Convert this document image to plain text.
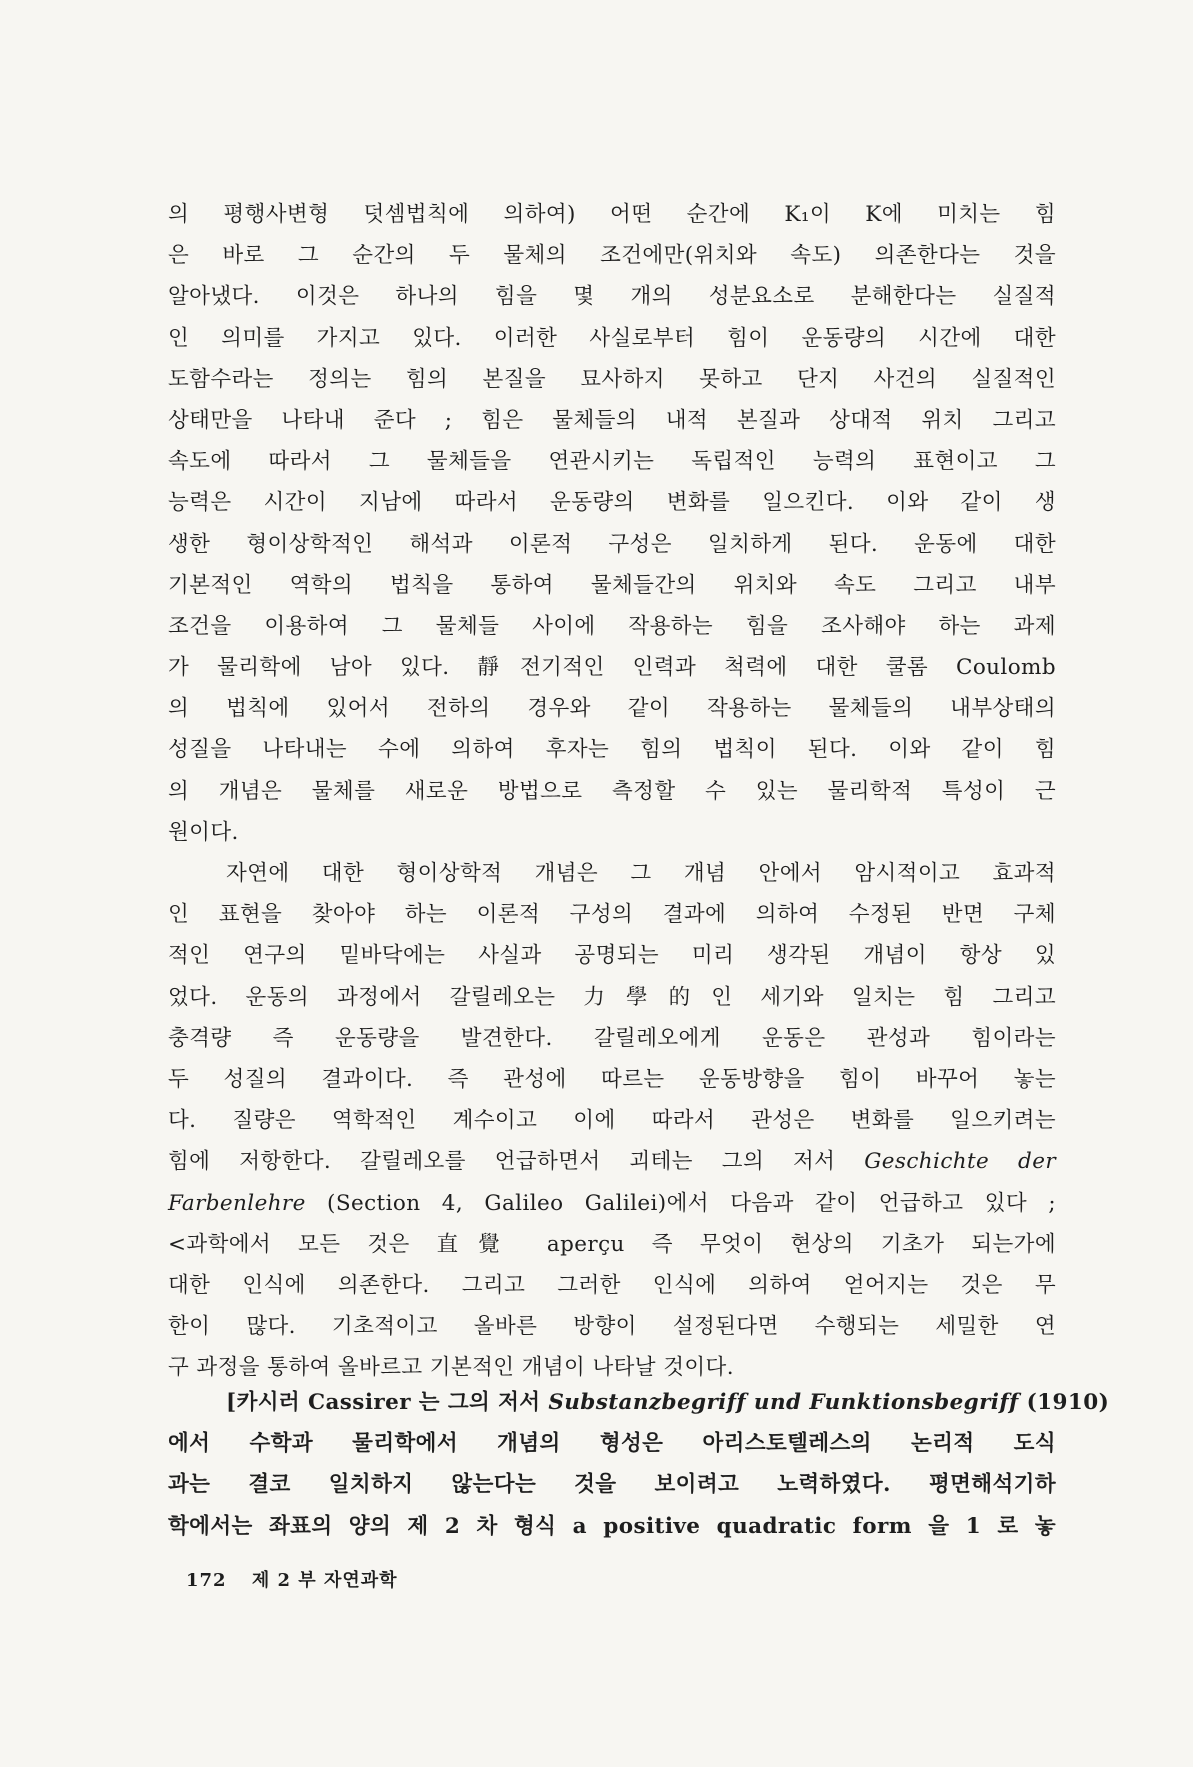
의 평행사변형 덧셈법칙에 의하여) 어떤 순간에 K₁이 K에 미치는 힘
은 바로 그 순간의 두 물체의 조건에만(위치와 속도) 의존한다는 것을
알아냈다. 이것은 하나의 힘을 몇 개의 성분요소로 분해한다는 실질적
인 의미를 가지고 있다. 이러한 사실로부터 힘이 운동량의 시간에 대한
도함수라는 정의는 힘의 본질을 묘사하지 못하고 단지 사건의 실질적인
상태만을 나타내 준다 ; 힘은 물체들의 내적 본질과 상대적 위치 그리고
속도에 따라서 그 물체들을 연관시키는 독립적인 능력의 표현이고 그
능력은 시간이 지남에 따라서 운동량의 변화를 일으킨다. 이와 같이 생
생한 형이상학적인 해석과 이론적 구성은 일치하게 된다. 운동에 대한
기본적인 역학의 법칙을 통하여 물체들간의 위치와 속도 그리고 내부
조건을 이용하여 그 물체들 사이에 작용하는 힘을 조사해야 하는 과제
가 물리학에 남아 있다. 靜전기적인 인력과 척력에 대한 쿨롬 Coulomb
의 법칙에 있어서 전하의 경우와 같이 작용하는 물체들의 내부상태의
성질을 나타내는 수에 의하여 후자는 힘의 법칙이 된다. 이와 같이 힘
의 개념은 물체를 새로운 방법으로 측정할 수 있는 물리학적 특성이 근
원이다.
자연에 대한 형이상학적 개념은 그 개념 안에서 암시적이고 효과적
인 표현을 찾아야 하는 이론적 구성의 결과에 의하여 수정된 반면 구체
적인 연구의 밑바닥에는 사실과 공명되는 미리 생각된 개념이 항상 있
었다. 운동의 과정에서 갈릴레오는 力學的인 세기와 일치는 힘 그리고
충격량 즉 운동량을 발견한다. 갈릴레오에게 운동은 관성과 힘이라는
두 성질의 결과이다. 즉 관성에 따르는 운동방향을 힘이 바꾸어 놓는
다. 질량은 역학적인 계수이고 이에 따라서 관성은 변화를 일으키려는
힘에 저항한다. 갈릴레오를 언급하면서 괴테는 그의 저서 Geschichte der
Farbenlehre (Section 4, Galileo Galilei)에서 다음과 같이 언급하고 있다 ;
<과학에서 모든 것은 直覺 aperçu 즉 무엇이 현상의 기초가 되는가에
대한 인식에 의존한다. 그리고 그러한 인식에 의하여 얻어지는 것은 무
한이 많다. 기초적이고 올바른 방향이 설정된다면 수행되는 세밀한 연
구 과정을 통하여 올바르고 기본적인 개념이 나타날 것이다.
[카시러 Cassirer 는 그의 저서 Substanzbegriff und Funktionsbegriff (1910)
에서 수학과 물리학에서 개념의 형성은 아리스토텔레스의 논리적 도식
과는 결코 일치하지 않는다는 것을 보이려고 노력하였다. 평면해석기하
학에서는 좌표의 양의 제 2 차 형식 a positive quadratic form 을 1 로 놓
172 제 2 부 자연과학
